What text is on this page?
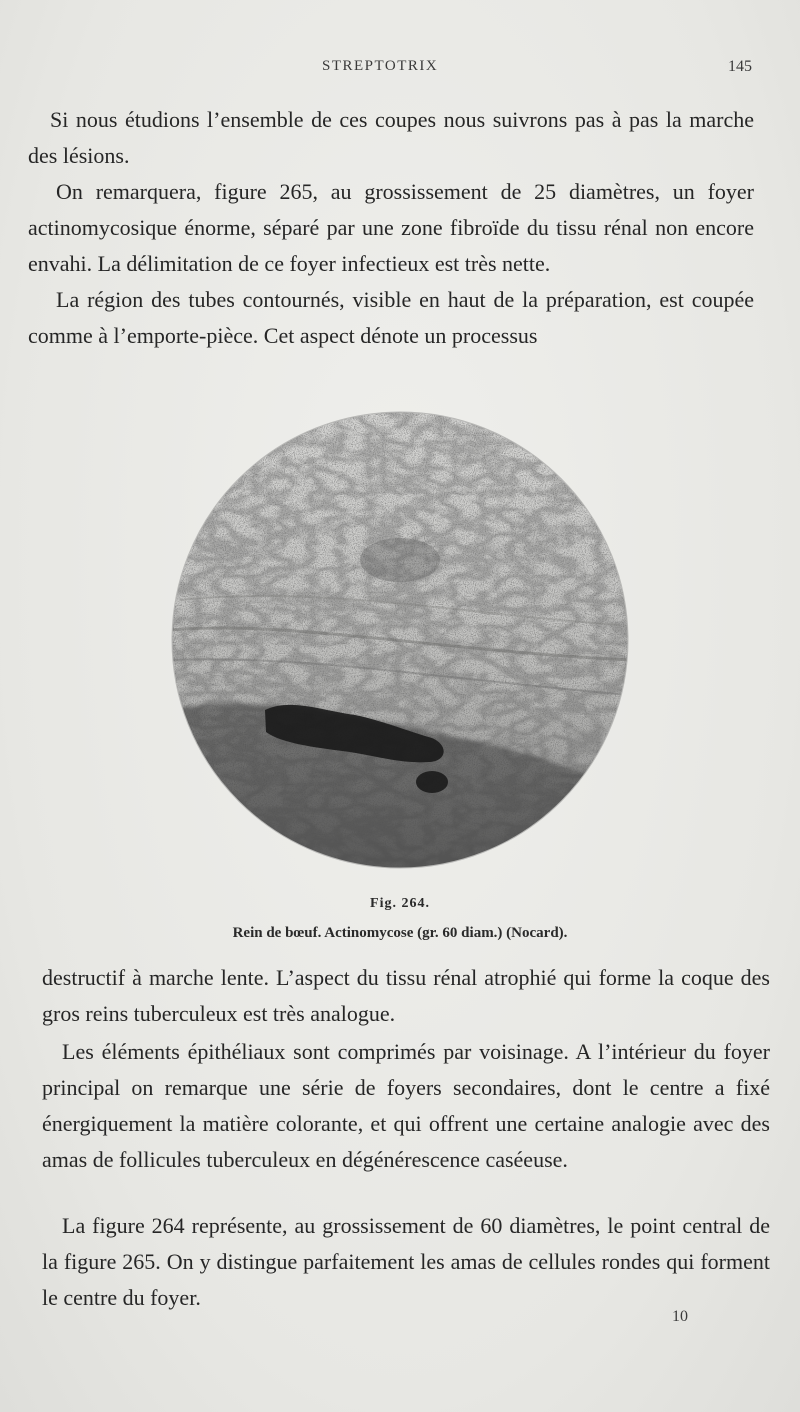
STREPTOTRIX	145

Si nous étudions l’ensemble de ces coupes nous suivrons pas à pas la marche des lésions.

On remarquera, figure 265, au grossissement de 25 diamètres, un foyer actinomycosique énorme, séparé par une zone fibroïde du tissu rénal non encore envahi. La délimitation de ce foyer infectieux est très nette.

La région des tubes contournés, visible en haut de la préparation, est coupée comme à l’emporte-pièce. Cet aspect dénote un processus

Fig. 264.
Rein de bœuf. Actinomycose (gr. 60 diam.) (Nocard).

destructif à marche lente. L’aspect du tissu rénal atrophié qui forme la coque des gros reins tuberculeux est très analogue.

Les éléments épithéliaux sont comprimés par voisinage. A l’intérieur du foyer principal on remarque une série de foyers secondaires, dont le centre a fixé énergiquement la matière colorante, et qui offrent une certaine analogie avec des amas de follicules tuberculeux en dégénérescence caséeuse.

La figure 264 représente, au grossissement de 60 diamètres, le point central de la figure 265. On y distingue parfaitement les amas de cellules rondes qui forment le centre du foyer.

10
